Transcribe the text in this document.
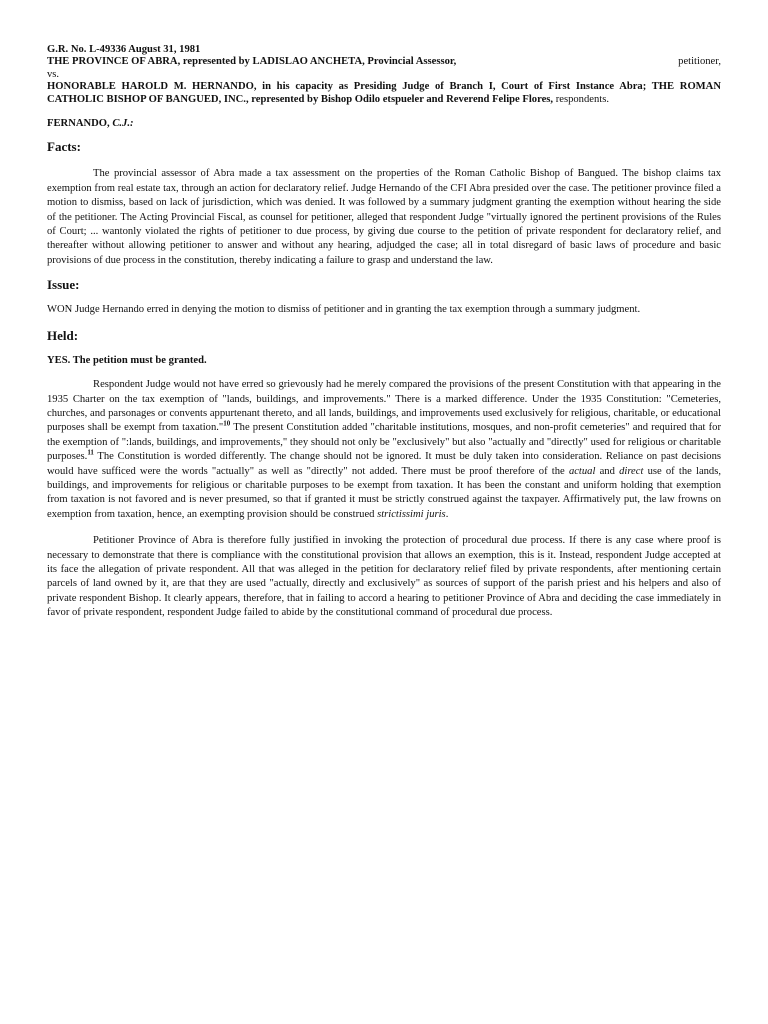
G.R. No. L-49336 August 31, 1981

THE PROVINCE OF ABRA, represented by LADISLAO ANCHETA, Provincial Assessor,	petitioner,

vs.

HONORABLE HAROLD M. HERNANDO, in his capacity as Presiding Judge of Branch I, Court of First Instance Abra; THE ROMAN CATHOLIC BISHOP OF BANGUED, INC., represented by Bishop Odilo etspueler and Reverend Felipe Flores, respondents.

FERNANDO, C.J.:

Facts:

The provincial assessor of Abra made a tax assessment on the properties of the Roman Catholic Bishop of Bangued. The bishop claims tax exemption from real estate tax, through an action for declaratory relief. Judge Hernando of the CFI Abra presided over the case. The petitioner province filed a motion to dismiss, based on lack of jurisdiction, which was denied. It was followed by a summary judgment granting the exemption without hearing the side of the petitioner. The Acting Provincial Fiscal, as counsel for petitioner, alleged that respondent Judge "virtually ignored the pertinent provisions of the Rules of Court; ... wantonly violated the rights of petitioner to due process, by giving due course to the petition of private respondent for declaratory relief, and thereafter without allowing petitioner to answer and without any hearing, adjudged the case; all in total disregard of basic laws of procedure and basic provisions of due process in the constitution, thereby indicating a failure to grasp and understand the law.

Issue:

WON Judge Hernando erred in denying the motion to dismiss of petitioner and in granting the tax exemption through a summary judgment.

Held:

YES. The petition must be granted.

Respondent Judge would not have erred so grievously had he merely compared the provisions of the present Constitution with that appearing in the 1935 Charter on the tax exemption of "lands, buildings, and improvements." There is a marked difference. Under the 1935 Constitution: "Cemeteries, churches, and parsonages or convents appurtenant thereto, and all lands, buildings, and improvements used exclusively for religious, charitable, or educational purposes shall be exempt from taxation."$^{10}$ The present Constitution added "charitable institutions, mosques, and non-profit cemeteries" and required that for the exemption of ":lands, buildings, and improvements," they should not only be "exclusively" but also "actually and "directly" used for religious or charitable purposes.$^{11}$ The Constitution is worded differently. The change should not be ignored. It must be duly taken into consideration. Reliance on past decisions would have sufficed were the words "actually" as well as "directly" not added. There must be proof therefore of the actual and direct use of the lands, buildings, and improvements for religious or charitable purposes to be exempt from taxation. It has been the constant and uniform holding that exemption from taxation is not favored and is never presumed, so that if granted it must be strictly construed against the taxpayer. Affirmatively put, the law frowns on exemption from taxation, hence, an exempting provision should be construed strictissimi juris.

Petitioner Province of Abra is therefore fully justified in invoking the protection of procedural due process. If there is any case where proof is necessary to demonstrate that there is compliance with the constitutional provision that allows an exemption, this is it. Instead, respondent Judge accepted at its face the allegation of private respondent. All that was alleged in the petition for declaratory relief filed by private respondents, after mentioning certain parcels of land owned by it, are that they are used "actually, directly and exclusively" as sources of support of the parish priest and his helpers and also of private respondent Bishop. It clearly appears, therefore, that in failing to accord a hearing to petitioner Province of Abra and deciding the case immediately in favor of private respondent, respondent Judge failed to abide by the constitutional command of procedural due process.
